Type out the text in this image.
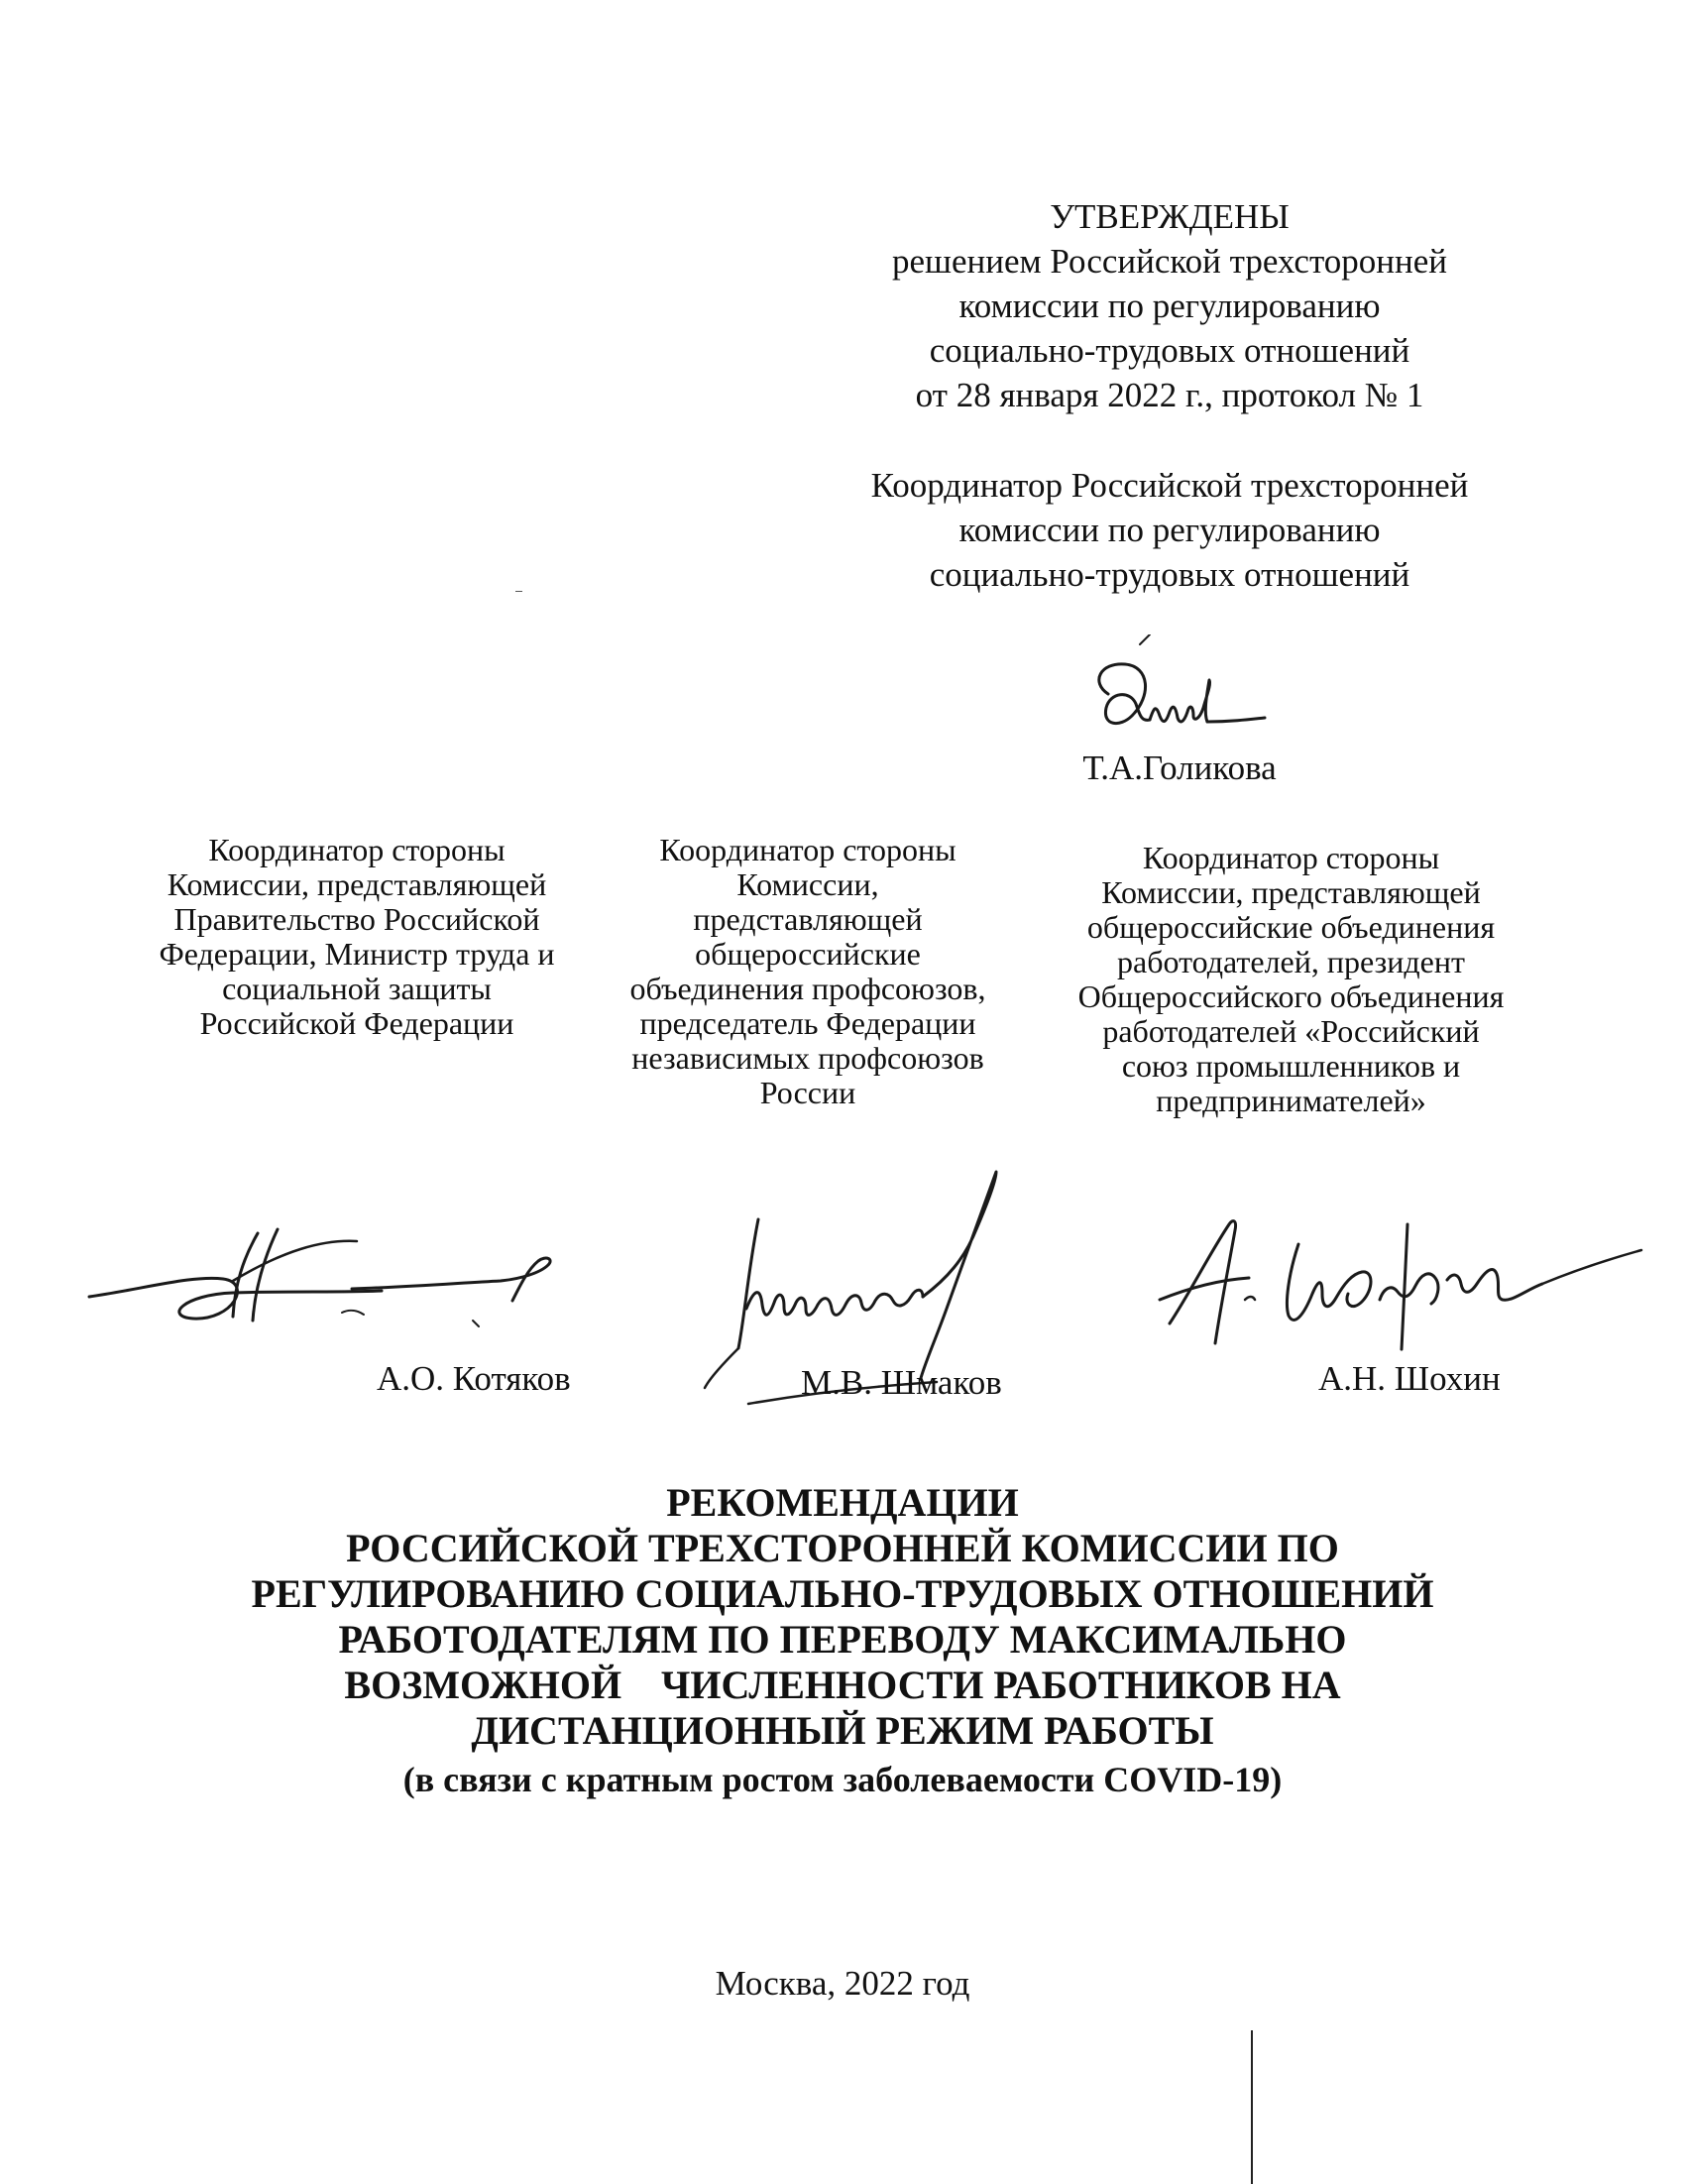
УТВЕРЖДЕНЫ
решением Российской трехсторонней
комиссии по регулированию
социально-трудовых отношений
от 28 января 2022 г., протокол № 1
Координатор Российской трехсторонней
комиссии по регулированию
социально-трудовых отношений
Т.А.Голикова
Координатор стороны
Комиссии, представляющей
Правительство Российской
Федерации, Министр труда и
социальной защиты
Российской Федерации
Координатор стороны
Комиссии,
представляющей
общероссийские
объединения профсоюзов,
председатель Федерации
независимых профсоюзов
России
Координатор стороны
Комиссии, представляющей
общероссийские объединения
работодателей, президент
Общероссийского объединения
работодателей «Российский
союз промышленников и
предпринимателей»
А.О. Котяков	М.В. Шмаков	А.Н. Шохин
РЕКОМЕНДАЦИИ
РОССИЙСКОЙ ТРЕХСТОРОННЕЙ КОМИССИИ ПО
РЕГУЛИРОВАНИЮ СОЦИАЛЬНО-ТРУДОВЫХ ОТНОШЕНИЙ
РАБОТОДАТЕЛЯМ ПО ПЕРЕВОДУ МАКСИМАЛЬНО
ВОЗМОЖНОЙ    ЧИСЛЕННОСТИ РАБОТНИКОВ НА
ДИСТАНЦИОННЫЙ РЕЖИМ РАБОТЫ
(в связи с кратным ростом заболеваемости COVID-19)
Москва, 2022 год
